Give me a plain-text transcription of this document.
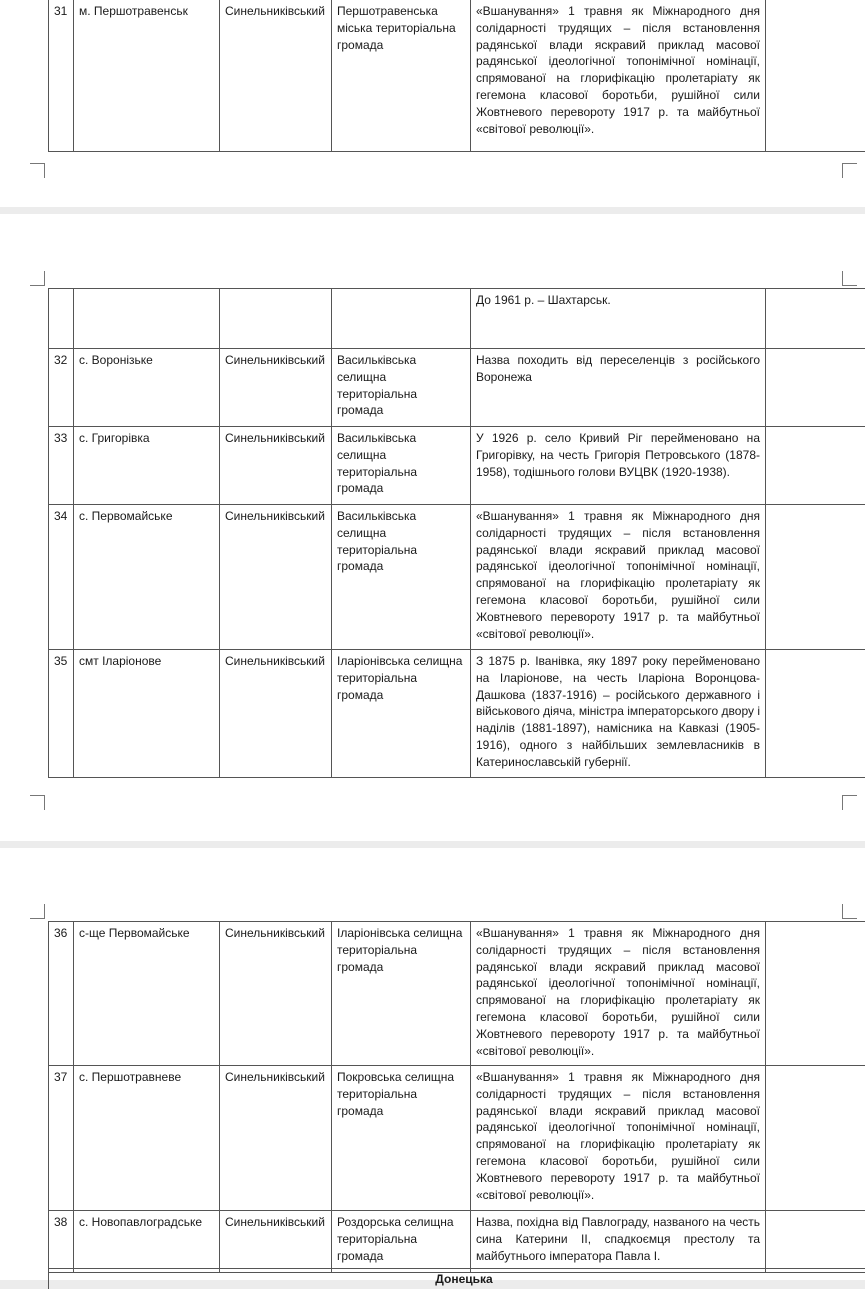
31	м. Першотравенськ	Синельниківський	Першотравенська міська територіальна громада	«Вшанування» 1 травня як Міжнародного дня солідарності трудящих – після встановлення радянської влади яскравий приклад масової радянської ідеологічної топонімічної номінації, спрямованої на глорифікацію пролетаріату як гегемона класової боротьби, рушійної сили Жовтневого перевороту 1917 р. та майбутньої «світової революції».	
				До 1961 р. – Шахтарськ.	
32	с. Воронізьке	Синельниківський	Васильківська селищна територіальна громада	Назва походить від переселенців з російського Воронежа	
33	с. Григорівка	Синельниківський	Васильківська селищна територіальна громада	У 1926 р. село Кривий Ріг перейменовано на Григорівку, на честь Григорія Петровського (1878-1958), тодішнього голови ВУЦВК (1920-1938).	
34	с. Первомайське	Синельниківський	Васильківська селищна територіальна громада	«Вшанування» 1 травня як Міжнародного дня солідарності трудящих – після встановлення радянської влади яскравий приклад масової радянської ідеологічної топонімічної номінації, спрямованої на глорифікацію пролетаріату як гегемона класової боротьби, рушійної сили Жовтневого перевороту 1917 р. та майбутньої «світової революції».	
35	смт Іларіонове	Синельниківський	Іларіонівська селищна територіальна громада	З 1875 р. Іванівка, яку 1897 року перейменовано на Іларіонове, на честь Іларіона Воронцова-Дашкова (1837-1916) – російського державного і військового діяча, міністра імператорського двору і наділів (1881-1897), намісника на Кавказі (1905-1916), одного з найбільших землевласників в Катеринославській губернії.	
36	с-ще Первомайське	Синельниківський	Іларіонівська селищна територіальна громада	«Вшанування» 1 травня як Міжнародного дня солідарності трудящих – після встановлення радянської влади яскравий приклад масової радянської ідеологічної топонімічної номінації, спрямованої на глорифікацію пролетаріату як гегемона класової боротьби, рушійної сили Жовтневого перевороту 1917 р. та майбутньої «світової революції».	
37	с. Першотравневе	Синельниківський	Покровська селищна територіальна громада	«Вшанування» 1 травня як Міжнародного дня солідарності трудящих – після встановлення радянської влади яскравий приклад масової радянської ідеологічної топонімічної номінації, спрямованої на глорифікацію пролетаріату як гегемона класової боротьби, рушійної сили Жовтневого перевороту 1917 р. та майбутньої «світової революції».	
38	с. Новопавлоградське	Синельниківський	Роздорська селищна територіальна громада	Назва, похідна від Павлограду, названого на честь сина Катерини ІІ, спадкоємця престолу та майбутнього імператора Павла І.	
Донецька
